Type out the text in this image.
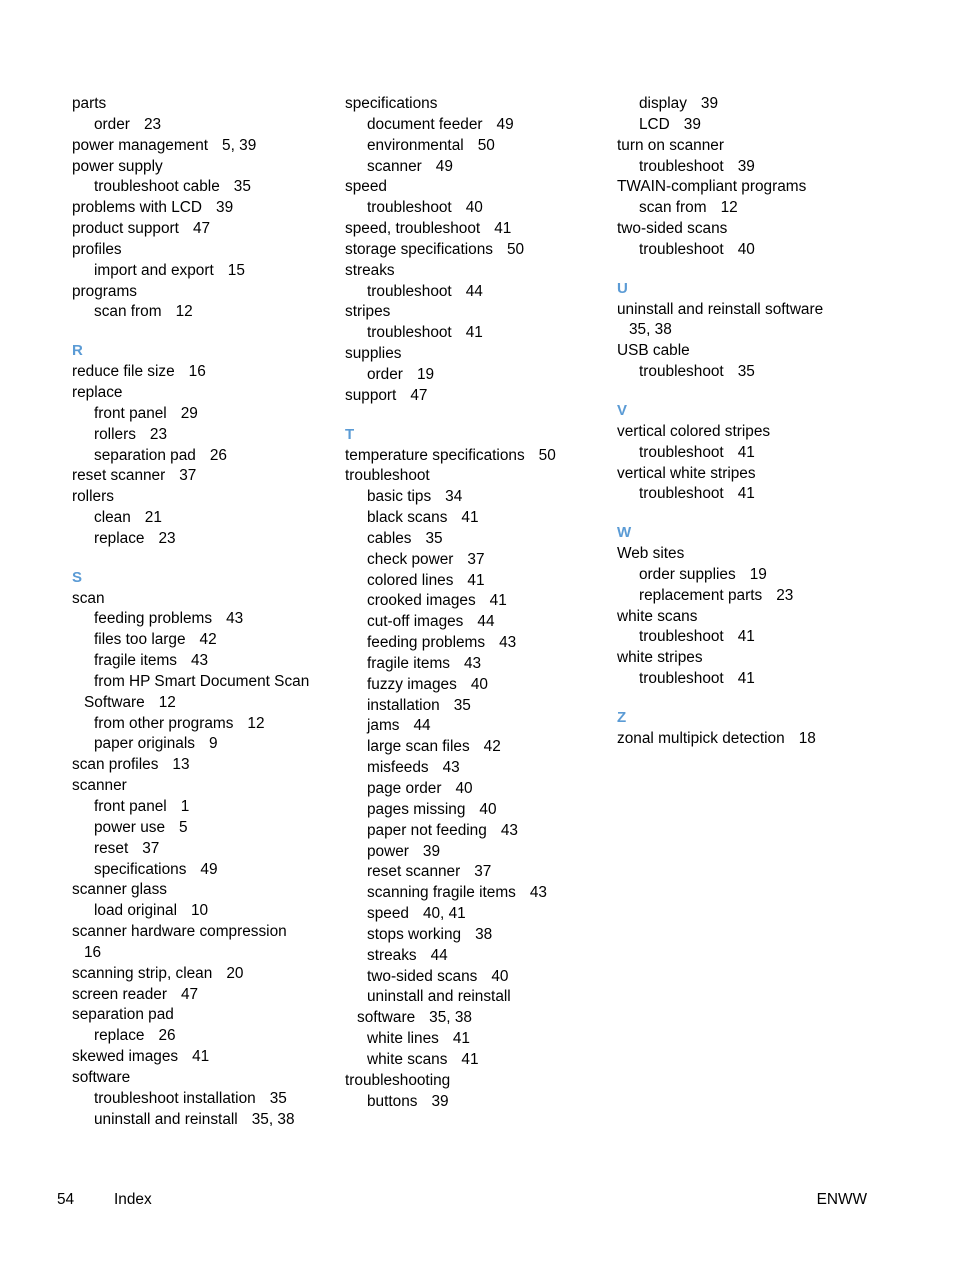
parts
order 23
power management 5, 39
power supply
troubleshoot cable 35
problems with LCD 39
product support 47
profiles
import and export 15
programs
scan from 12
R
reduce file size 16
replace
front panel 29
rollers 23
separation pad 26
reset scanner 37
rollers
clean 21
replace 23
S
scan
feeding problems 43
files too large 42
fragile items 43
from HP Smart Document Scan
Software 12
from other programs 12
paper originals 9
scan profiles 13
scanner
front panel 1
power use 5
reset 37
specifications 49
scanner glass
load original 10
scanner hardware compression
16
scanning strip, clean 20
screen reader 47
separation pad
replace 26
skewed images 41
software
troubleshoot installation 35
uninstall and reinstall 35, 38
specifications
document feeder 49
environmental 50
scanner 49
speed
troubleshoot 40
speed, troubleshoot 41
storage specifications 50
streaks
troubleshoot 44
stripes
troubleshoot 41
supplies
order 19
support 47
T
temperature specifications 50
troubleshoot
basic tips 34
black scans 41
cables 35
check power 37
colored lines 41
crooked images 41
cut-off images 44
feeding problems 43
fragile items 43
fuzzy images 40
installation 35
jams 44
large scan files 42
misfeeds 43
page order 40
pages missing 40
paper not feeding 43
power 39
reset scanner 37
scanning fragile items 43
speed 40, 41
stops working 38
streaks 44
two-sided scans 40
uninstall and reinstall
software 35, 38
white lines 41
white scans 41
troubleshooting
buttons 39
display 39
LCD 39
turn on scanner
troubleshoot 39
TWAIN-compliant programs
scan from 12
two-sided scans
troubleshoot 40
U
uninstall and reinstall software
35, 38
USB cable
troubleshoot 35
V
vertical colored stripes
troubleshoot 41
vertical white stripes
troubleshoot 41
W
Web sites
order supplies 19
replacement parts 23
white scans
troubleshoot 41
white stripes
troubleshoot 41
Z
zonal multipick detection 18
54	Index	ENWW
